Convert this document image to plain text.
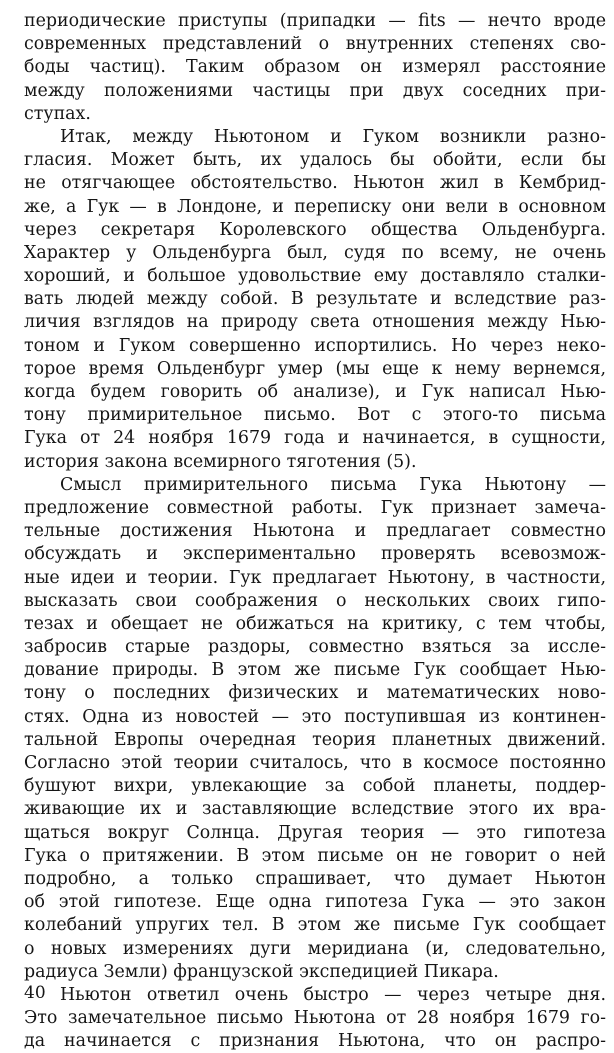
периодические приступы (припадки — fits — нечто вроде
современных представлений о внутренних степенях сво-
боды частиц). Таким образом он измерял расстояние
между положениями частицы при двух соседних при-
ступах.
Итак, между Ньютоном и Гуком возникли разно-
гласия. Может быть, их удалось бы обойти, если бы
не отягчающее обстоятельство. Ньютон жил в Кембрид-
же, а Гук — в Лондоне, и переписку они вели в основном
через секретаря Королевского общества Ольденбурга.
Характер у Ольденбурга был, судя по всему, не очень
хороший, и большое удовольствие ему доставляло сталки-
вать людей между собой. В результате и вследствие раз-
личия взглядов на природу света отношения между Нью-
тоном и Гуком совершенно испортились. Но через неко-
торое время Ольденбург умер (мы еще к нему вернемся,
когда будем говорить об анализе), и Гук написал Нью-
тону примирительное письмо. Вот с этого-то письма
Гука от 24 ноября 1679 года и начинается, в сущности,
история закона всемирного тяготения (5).
Смысл примирительного письма Гука Ньютону —
предложение совместной работы. Гук признает замеча-
тельные достижения Ньютона и предлагает совместно
обсуждать и экспериментально проверять всевозмож-
ные идеи и теории. Гук предлагает Ньютону, в частности,
высказать свои соображения о нескольких своих гипо-
тезах и обещает не обижаться на критику, с тем чтобы,
забросив старые раздоры, совместно взяться за иссле-
дование природы. В этом же письме Гук сообщает Нью-
тону о последних физических и математических ново-
стях. Одна из новостей — это поступившая из континен-
тальной Европы очередная теория планетных движений.
Согласно этой теории считалось, что в космосе постоянно
бушуют вихри, увлекающие за собой планеты, поддер-
живающие их и заставляющие вследствие этого их вра-
щаться вокруг Солнца. Другая теория — это гипотеза
Гука о притяжении. В этом письме он не говорит о ней
подробно, а только спрашивает, что думает Ньютон
об этой гипотезе. Еще одна гипотеза Гука — это закон
колебаний упругих тел. В этом же письме Гук сообщает
о новых измерениях дуги меридиана (и, следовательно,
радиуса Земли) французской экспедицией Пикара.
Ньютон ответил очень быстро — через четыре дня.
Это замечательное письмо Ньютона от 28 ноября 1679 го-
да начинается с признания Ньютона, что он распро-
40
